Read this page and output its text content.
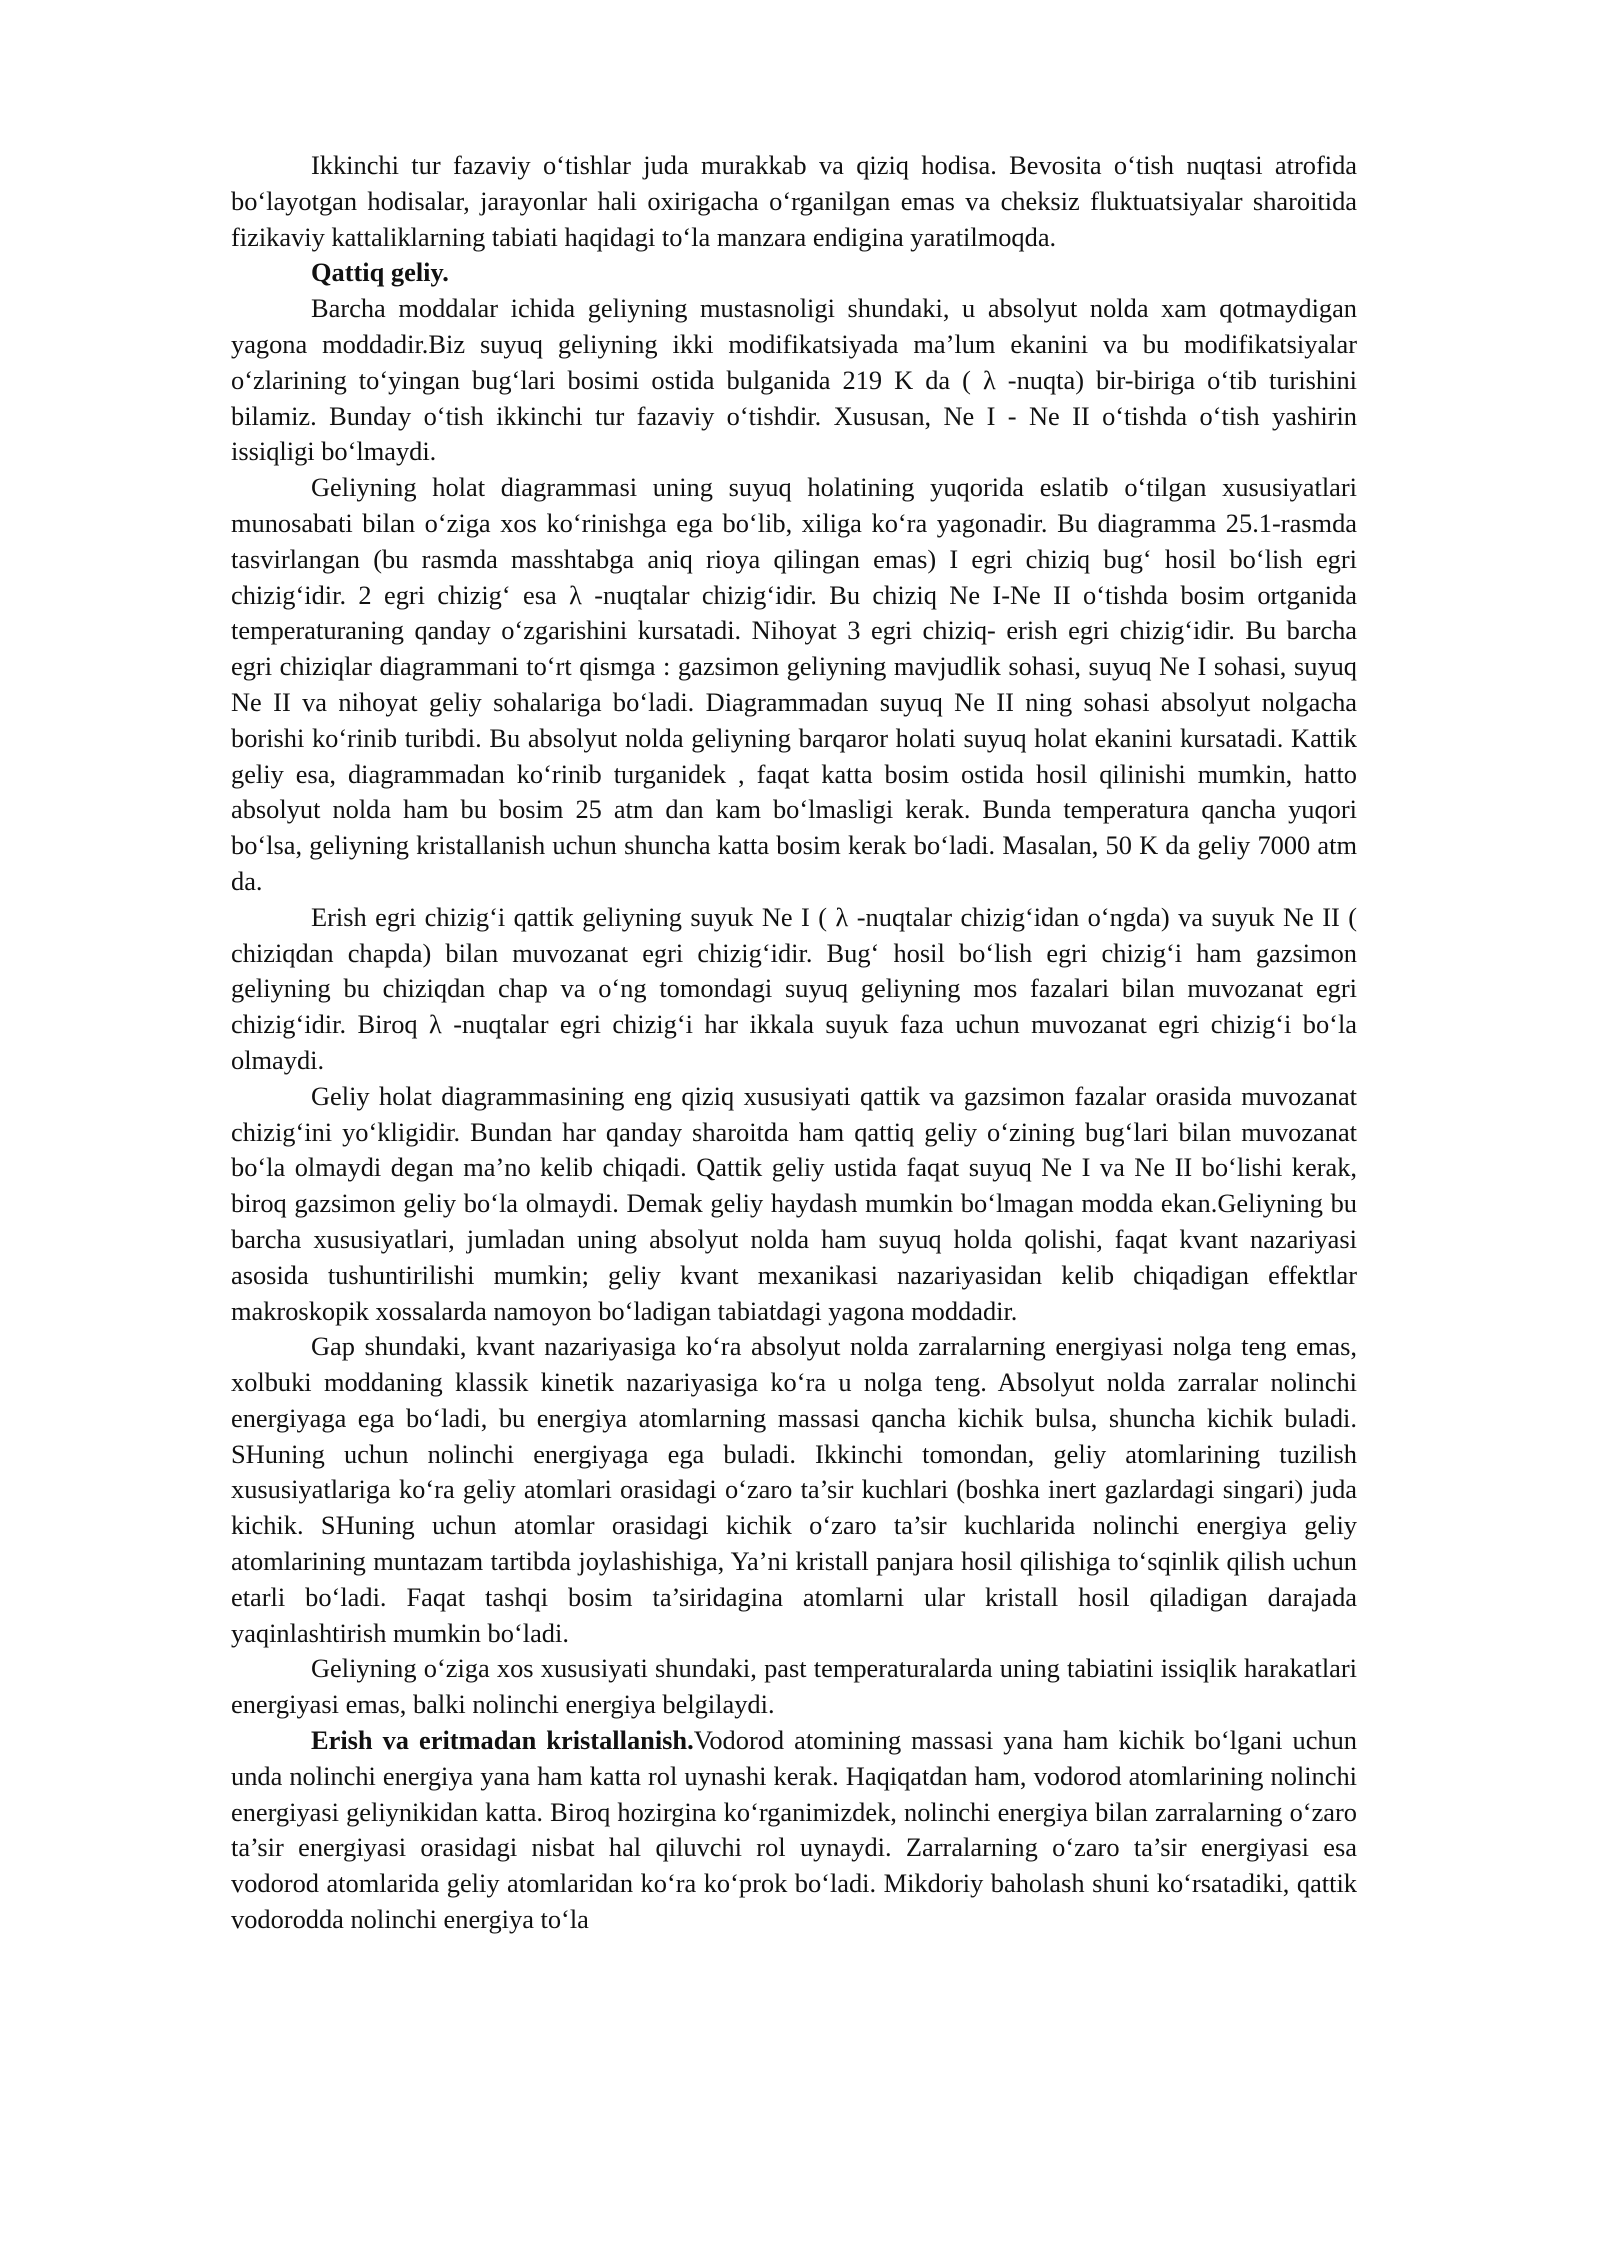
Ikkinchi tur fazaviy o‘tishlar juda murakkab va qiziq hodisa. Bevosita o‘tish nuqtasi atrofida bo‘layotgan hodisalar, jarayonlar hali oxirigacha o‘rganilgan emas va cheksiz fluktuatsiyalar sharoitida fizikaviy kattaliklarning tabiati haqidagi to‘la manzara endigina yaratilmoqda.

Qattiq geliy.

Barcha moddalar ichida geliyning mustasnoligi shundaki, u absolyut nolda xam qotmaydigan yagona moddadir.Biz suyuq geliyning ikki modifikatsiyada ma’lum ekanini va bu modifikatsiyalar o‘zlarining to‘yingan bug‘lari bosimi ostida bulganida 219 K da ( λ -nuqta) bir-biriga o‘tib turishini bilamiz. Bunday o‘tish ikkinchi tur fazaviy o‘tishdir. Xususan, Ne I - Ne II o‘tishda o‘tish yashirin issiqligi bo‘lmaydi.

Geliyning holat diagrammasi uning suyuq holatining yuqorida eslatib o‘tilgan xususiyatlari munosabati bilan o‘ziga xos ko‘rinishga ega bo‘lib, xiliga ko‘ra yagonadir. Bu diagramma 25.1-rasmda tasvirlangan (bu rasmda masshtabga aniq rioya qilingan emas) I egri chiziq bug‘ hosil bo‘lish egri chizig‘idir. 2 egri chizig‘ esa λ -nuqtalar chizig‘idir. Bu chiziq Ne I-Ne II o‘tishda bosim ortganida temperaturaning qanday o‘zgarishini kursatadi. Nihoyat 3 egri chiziq- erish egri chizig‘idir. Bu barcha egri chiziqlar diagrammani to‘rt qismga : gazsimon geliyning mavjudlik sohasi, suyuq Ne I sohasi, suyuq Ne II va nihoyat geliy sohalariga bo‘ladi. Diagrammadan suyuq Ne II ning sohasi absolyut nolgacha borishi ko‘rinib turibdi. Bu absolyut nolda geliyning barqaror holati suyuq holat ekanini kursatadi. Kattik geliy esa, diagrammadan ko‘rinib turganidek , faqat katta bosim ostida hosil qilinishi mumkin, hatto absolyut nolda ham bu bosim 25 atm dan kam bo‘lmasligi kerak. Bunda temperatura qancha yuqori bo‘lsa, geliyning kristallanish uchun shuncha katta bosim kerak bo‘ladi. Masalan, 50 K da geliy 7000 atm da.

Erish egri chizig‘i qattik geliyning suyuk Ne I ( λ -nuqtalar chizig‘idan o‘ngda) va suyuk Ne II ( chiziqdan chapda) bilan muvozanat egri chizig‘idir. Bug‘ hosil bo‘lish egri chizig‘i ham gazsimon geliyning bu chiziqdan chap va o‘ng tomondagi suyuq geliyning mos fazalari bilan muvozanat egri chizig‘idir. Biroq λ -nuqtalar egri chizig‘i har ikkala suyuk faza uchun muvozanat egri chizig‘i bo‘la olmaydi.

Geliy holat diagrammasining eng qiziq xususiyati qattik va gazsimon fazalar orasida muvozanat chizig‘ini yo‘kligidir. Bundan har qanday sharoitda ham qattiq geliy o‘zining bug‘lari bilan muvozanat bo‘la olmaydi degan ma’no kelib chiqadi. Qattik geliy ustida faqat suyuq Ne I va Ne II bo‘lishi kerak, biroq gazsimon geliy bo‘la olmaydi. Demak geliy haydash mumkin bo‘lmagan modda ekan.Geliyning bu barcha xususiyatlari, jumladan uning absolyut nolda ham suyuq holda qolishi, faqat kvant nazariyasi asosida tushuntirilishi mumkin; geliy kvant mexanikasi nazariyasidan kelib chiqadigan effektlar makroskopik xossalarda namoyon bo‘ladigan tabiatdagi yagona moddadir.

Gap shundaki, kvant nazariyasiga ko‘ra absolyut nolda zarralarning energiyasi nolga teng emas, xolbuki moddaning klassik kinetik nazariyasiga ko‘ra u nolga teng. Absolyut nolda zarralar nolinchi energiyaga ega bo‘ladi, bu energiya atomlarning massasi qancha kichik bulsa, shuncha kichik buladi. SHuning uchun nolinchi energiyaga ega buladi. Ikkinchi tomondan, geliy atomlarining tuzilish xususiyatlariga ko‘ra geliy atomlari orasidagi o‘zaro ta’sir kuchlari (boshka inert gazlardagi singari) juda kichik. SHuning uchun atomlar orasidagi kichik o‘zaro ta’sir kuchlarida nolinchi energiya geliy atomlarining muntazam tartibda joylashishiga, Ya’ni kristall panjara hosil qilishiga to‘sqinlik qilish uchun etarli bo‘ladi. Faqat tashqi bosim ta’siridagina atomlarni ular kristall hosil qiladigan darajada yaqinlashtirish mumkin bo‘ladi.

Geliyning o‘ziga xos xususiyati shundaki, past temperaturalarda uning tabiatini issiqlik harakatlari energiyasi emas, balki nolinchi energiya belgilaydi.

Erish va eritmadan kristallanish.Vodorod atomining massasi yana ham kichik bo‘lgani uchun unda nolinchi energiya yana ham katta rol uynashi kerak. Haqiqatdan ham, vodorod atomlarining nolinchi energiyasi geliynikidan katta. Biroq hozirgina ko‘rganimizdek, nolinchi energiya bilan zarralarning o‘zaro ta’sir energiyasi orasidagi nisbat hal qiluvchi rol uynaydi. Zarralarning o‘zaro ta’sir energiyasi esa vodorod atomlarida geliy atomlaridan ko‘ra ko‘prok bo‘ladi. Mikdoriy baholash shuni ko‘rsatadiki, qattik vodorodda nolinchi energiya to‘la
